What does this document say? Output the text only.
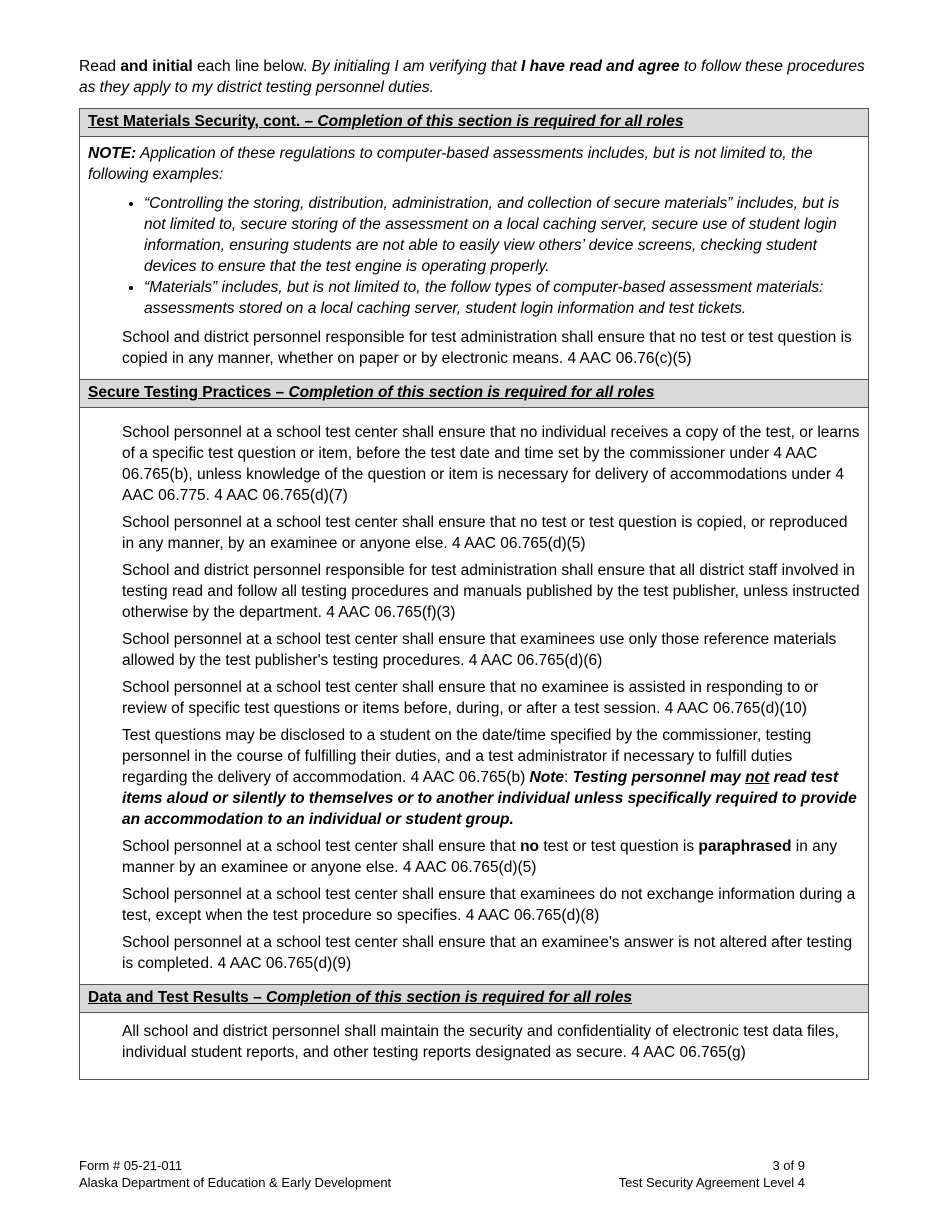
Read and initial each line below. By initialing I am verifying that I have read and agree to follow these procedures as they apply to my district testing personnel duties.

Test Materials Security, cont. – Completion of this section is required for all roles

NOTE: Application of these regulations to computer-based assessments includes, but is not limited to, the following examples:

• “Controlling the storing, distribution, administration, and collection of secure materials” includes, but is not limited to, secure storing of the assessment on a local caching server, secure use of student login information, ensuring students are not able to easily view others’ device screens, checking student devices to ensure that the test engine is operating properly.
• “Materials” includes, but is not limited to, the follow types of computer-based assessment materials: assessments stored on a local caching server, student login information and test tickets.

School and district personnel responsible for test administration shall ensure that no test or test question is copied in any manner, whether on paper or by electronic means. 4 AAC 06.76(c)(5)

Secure Testing Practices – Completion of this section is required for all roles

School personnel at a school test center shall ensure that no individual receives a copy of the test, or learns of a specific test question or item, before the test date and time set by the commissioner under 4 AAC 06.765(b), unless knowledge of the question or item is necessary for delivery of accommodations under 4 AAC 06.775. 4 AAC 06.765(d)(7)

School personnel at a school test center shall ensure that no test or test question is copied, or reproduced in any manner, by an examinee or anyone else. 4 AAC 06.765(d)(5)

School and district personnel responsible for test administration shall ensure that all district staff involved in testing read and follow all testing procedures and manuals published by the test publisher, unless instructed otherwise by the department. 4 AAC 06.765(f)(3)

School personnel at a school test center shall ensure that examinees use only those reference materials allowed by the test publisher's testing procedures. 4 AAC 06.765(d)(6)

School personnel at a school test center shall ensure that no examinee is assisted in responding to or review of specific test questions or items before, during, or after a test session. 4 AAC 06.765(d)(10)

Test questions may be disclosed to a student on the date/time specified by the commissioner, testing personnel in the course of fulfilling their duties, and a test administrator if necessary to fulfill duties regarding the delivery of accommodation. 4 AAC 06.765(b) Note: Testing personnel may not read test items aloud or silently to themselves or to another individual unless specifically required to provide an accommodation to an individual or student group.

School personnel at a school test center shall ensure that no test or test question is paraphrased in any manner by an examinee or anyone else. 4 AAC 06.765(d)(5)

School personnel at a school test center shall ensure that examinees do not exchange information during a test, except when the test procedure so specifies. 4 AAC 06.765(d)(8)

School personnel at a school test center shall ensure that an examinee's answer is not altered after testing is completed. 4 AAC 06.765(d)(9)

Data and Test Results – Completion of this section is required for all roles

All school and district personnel shall maintain the security and confidentiality of electronic test data files, individual student reports, and other testing reports designated as secure. 4 AAC 06.765(g)

Form # 05-21-011
Alaska Department of Education & Early Development
3 of 9
Test Security Agreement Level 4
